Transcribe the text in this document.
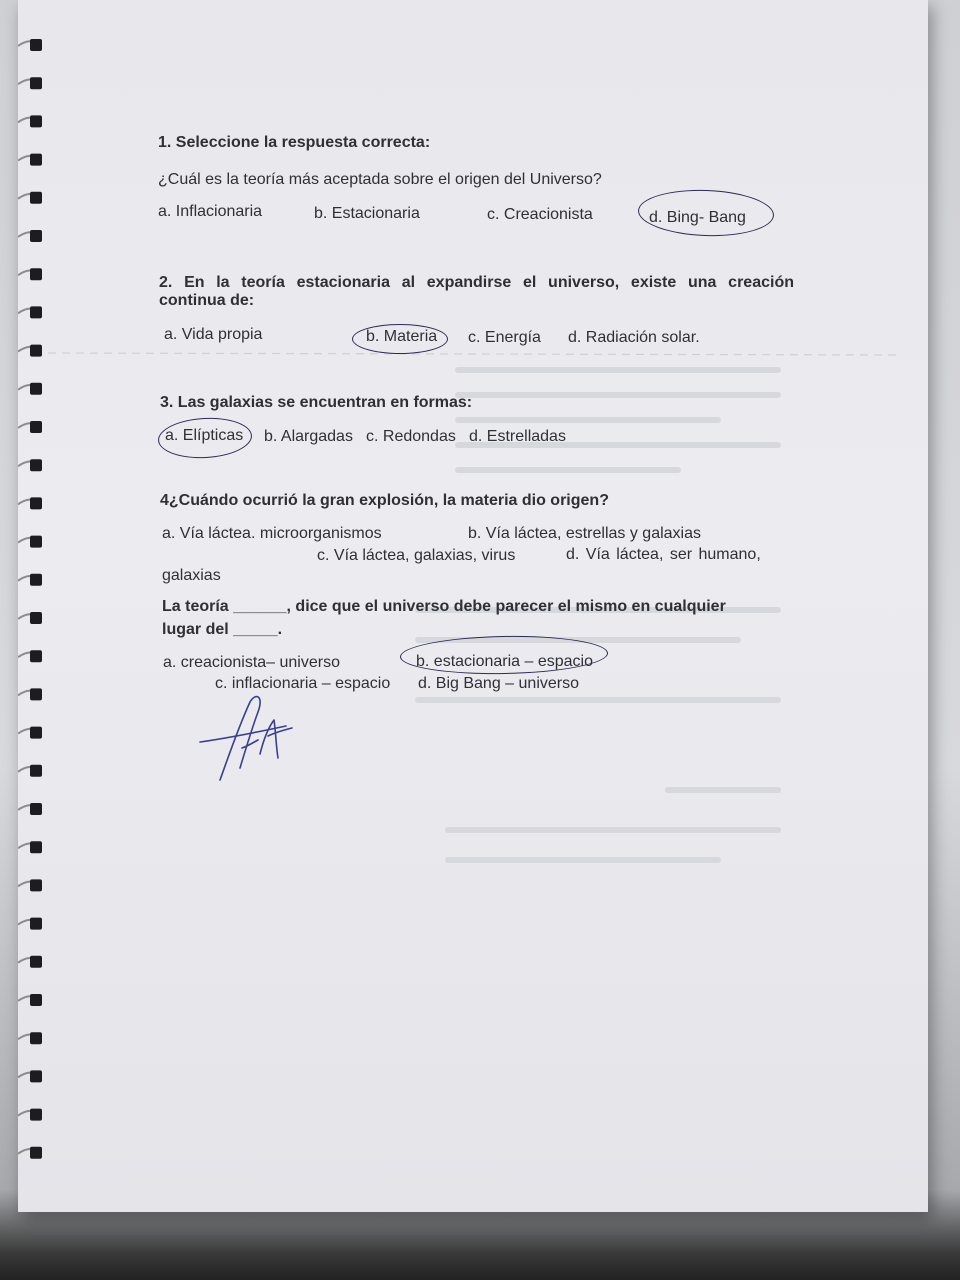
1. Seleccione la respuesta correcta:
¿Cuál es la teoría más aceptada sobre el origen del Universo?
a. Inflacionaria	b. Estacionaria	c. Creacionista	d. Bing- Bang
2. En la teoría estacionaria al expandirse el universo, existe una creación
continua de:
a. Vida propia	b. Materia c. Energía d. Radiación solar.
3. Las galaxias se encuentran en formas:
a. Elípticas b. Alargadas c. Redondas d. Estrelladas
4¿Cuándo ocurrió la gran explosión, la materia dio origen?
a. Vía láctea. microorganismos	b. Vía láctea, estrellas y galaxias
c. Vía láctea, galaxias, virus	d. Vía láctea, ser humano,
galaxias
La teoría ______, dice que el universo debe parecer el mismo en cualquier
lugar del _____.
a. creacionista– universo	b. estacionaria – espacio
c. inflacionaria – espacio d. Big Bang – universo
